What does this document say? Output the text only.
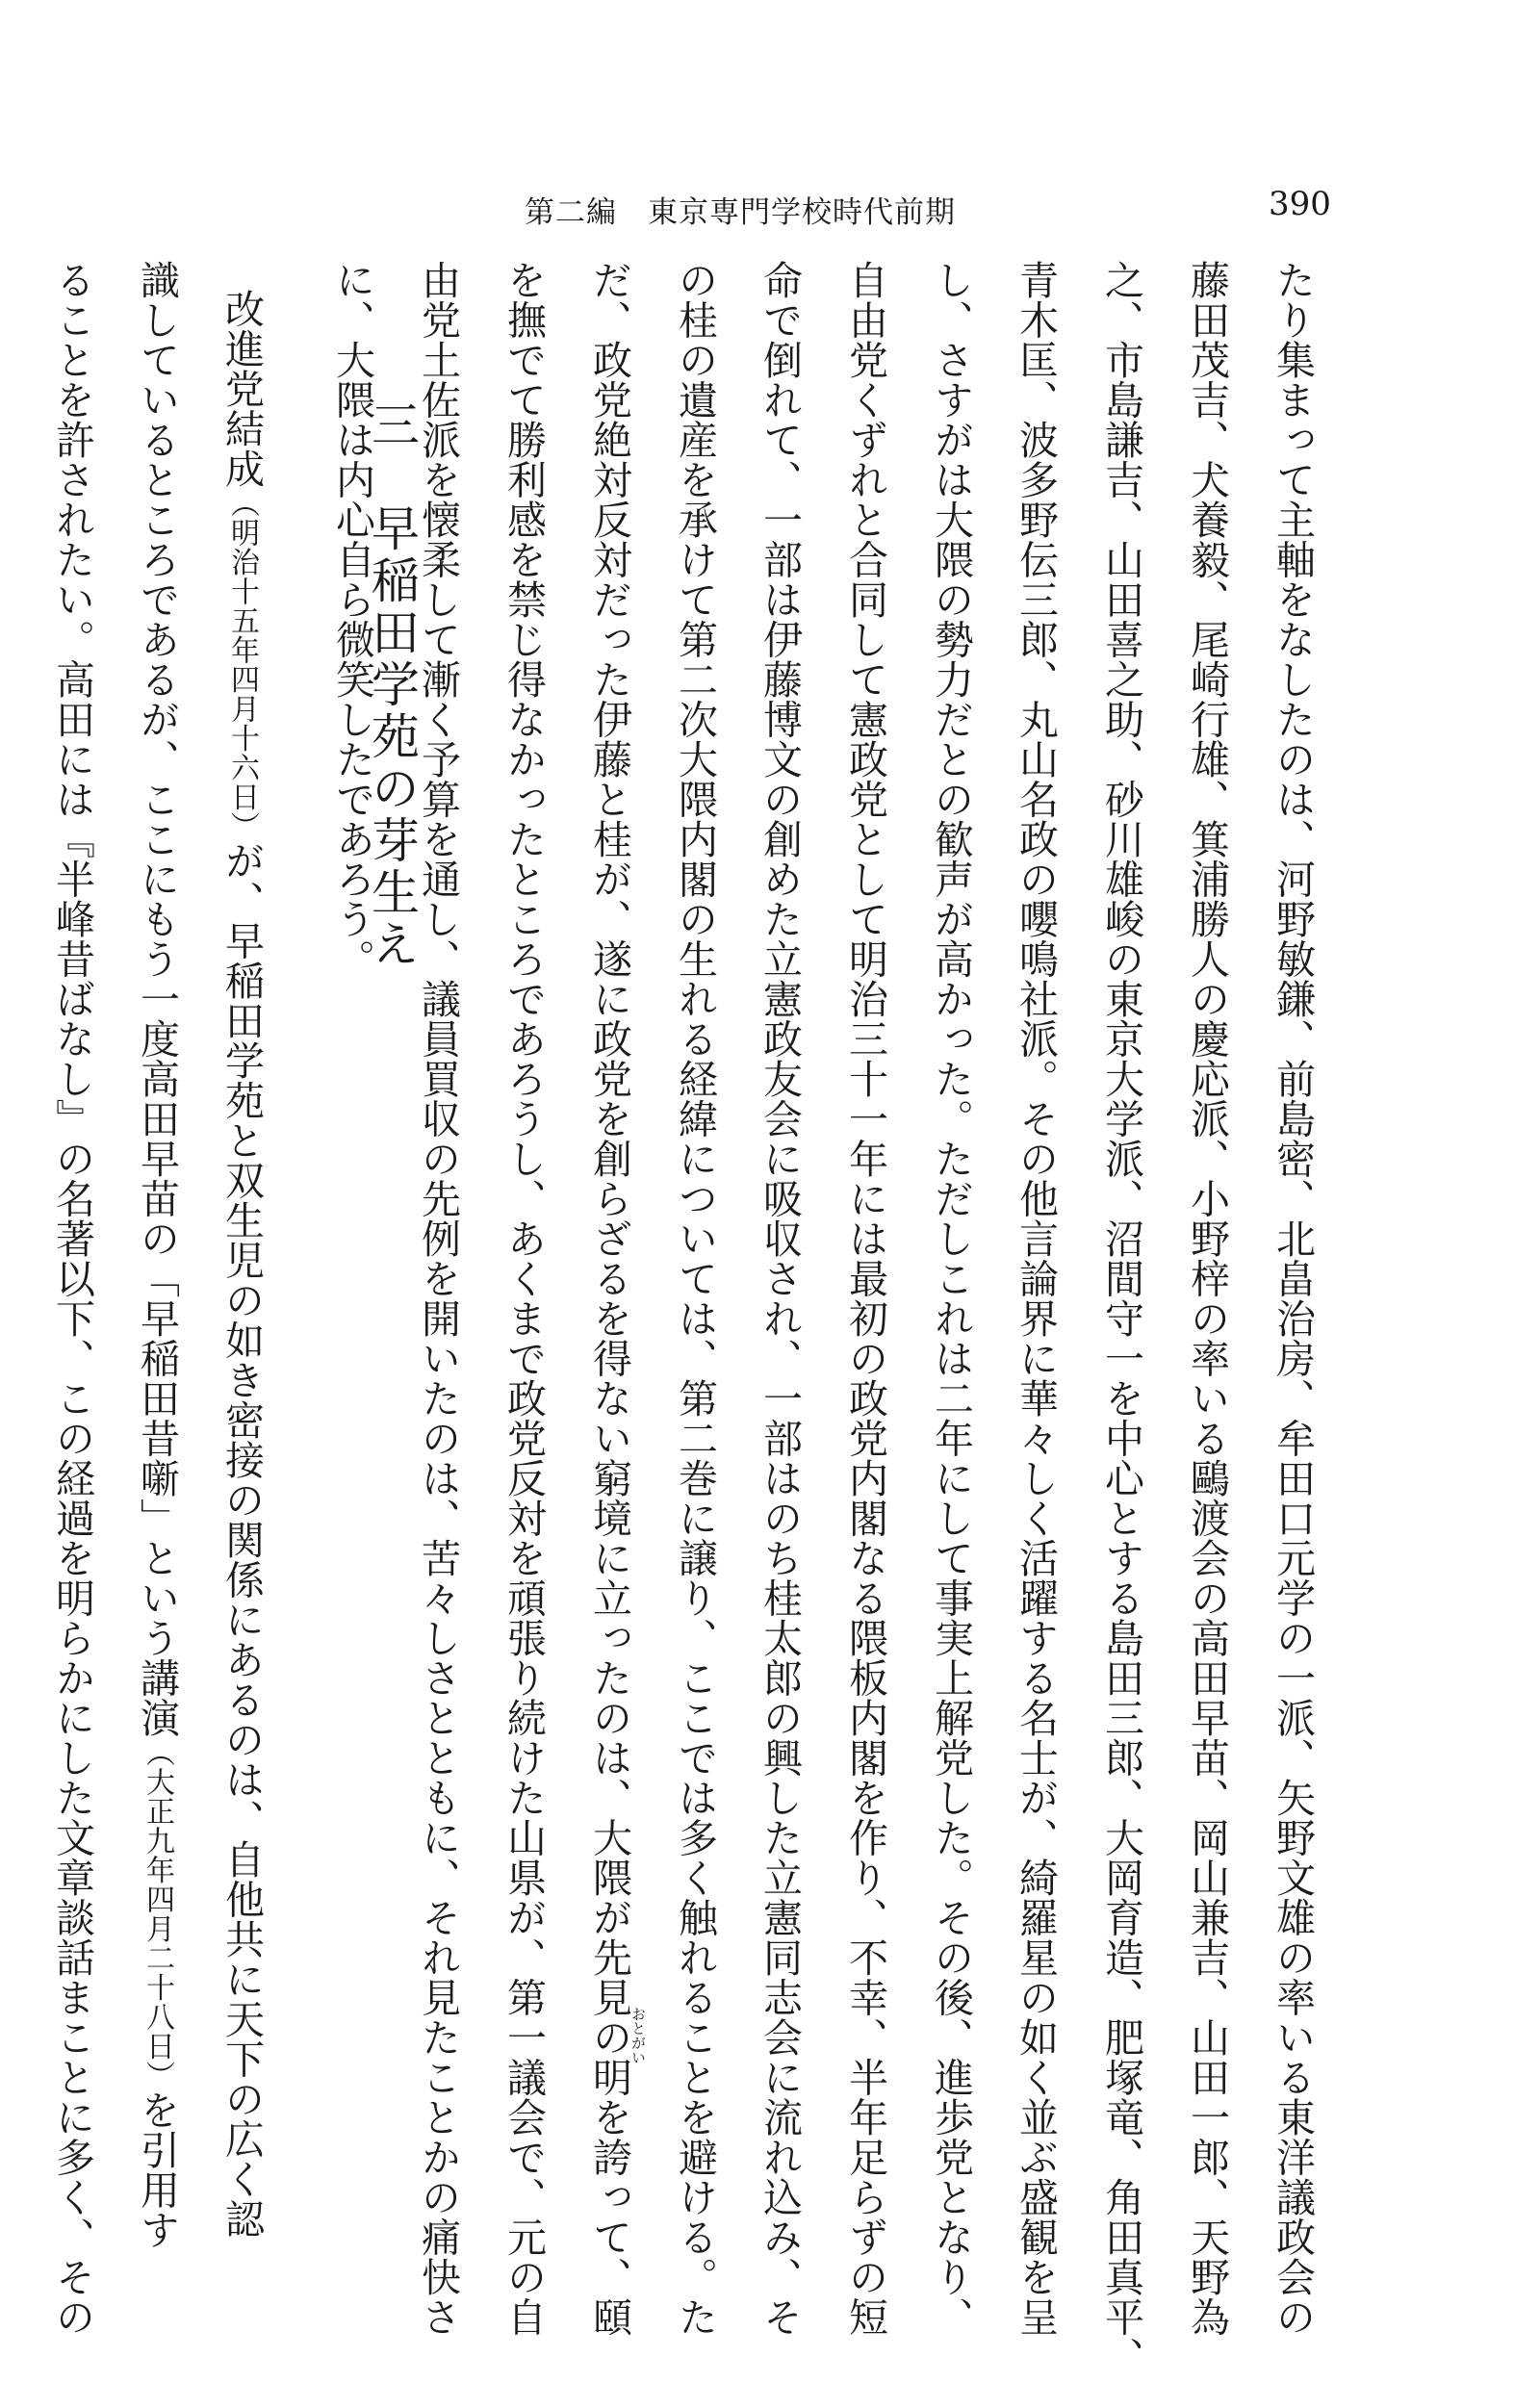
第二編　東京専門学校時代前期	390
たり集まって主軸をなしたのは、河野敏鎌、前島密、北畠治房、牟田口元学の一派、矢野文雄の率いる東洋議政会の
藤田茂吉、犬養毅、尾崎行雄、箕浦勝人の慶応派、小野梓の率いる鷗渡会の高田早苗、岡山兼吉、山田一郎、天野為
之、市島謙吉、山田喜之助、砂川雄峻の東京大学派、沼間守一を中心とする島田三郎、大岡育造、肥塚竜、角田真平、
青木匡、波多野伝三郎、丸山名政の嚶鳴社派。その他言論界に華々しく活躍する名士が、綺羅星の如く並ぶ盛観を呈
し、さすがは大隈の勢力だとの歓声が高かった。ただしこれは二年にして事実上解党した。その後、進歩党となり、
自由党くずれと合同して憲政党として明治三十一年には最初の政党内閣なる隈板内閣を作り、不幸、半年足らずの短
命で倒れて、一部は伊藤博文の創めた立憲政友会に吸収され、一部はのち桂太郎の興した立憲同志会に流れ込み、そ
の桂の遺産を承けて第二次大隈内閣の生れる経緯については、第二巻に譲り、ここでは多く触れることを避ける。た
だ、政党絶対反対だった伊藤と桂が、遂に政党を創らざるを得ない窮境に立ったのは、大隈が先見の明を誇って、頤
を撫でて勝利感を禁じ得なかったところであろうし、あくまで政党反対を頑張り続けた山県が、第一議会で、元の自
由党土佐派を懐柔して漸く予算を通し、議員買収の先例を開いたのは、苦々しさとともに、それ見たことかの痛快さ
に、大隈は内心自ら微笑したであろう。
おとがい
三　早稲田学苑の芽生え
改進党結成（明治十五年四月十六日）が、早稲田学苑と双生児の如き密接の関係にあるのは、自他共に天下の広く認
識しているところであるが、ここにもう一度高田早苗の「早稲田昔噺」という講演（大正九年四月二十八日）を引用す
ることを許されたい。高田には『半峰昔ばなし』の名著以下、この経過を明らかにした文章談話まことに多く、その
